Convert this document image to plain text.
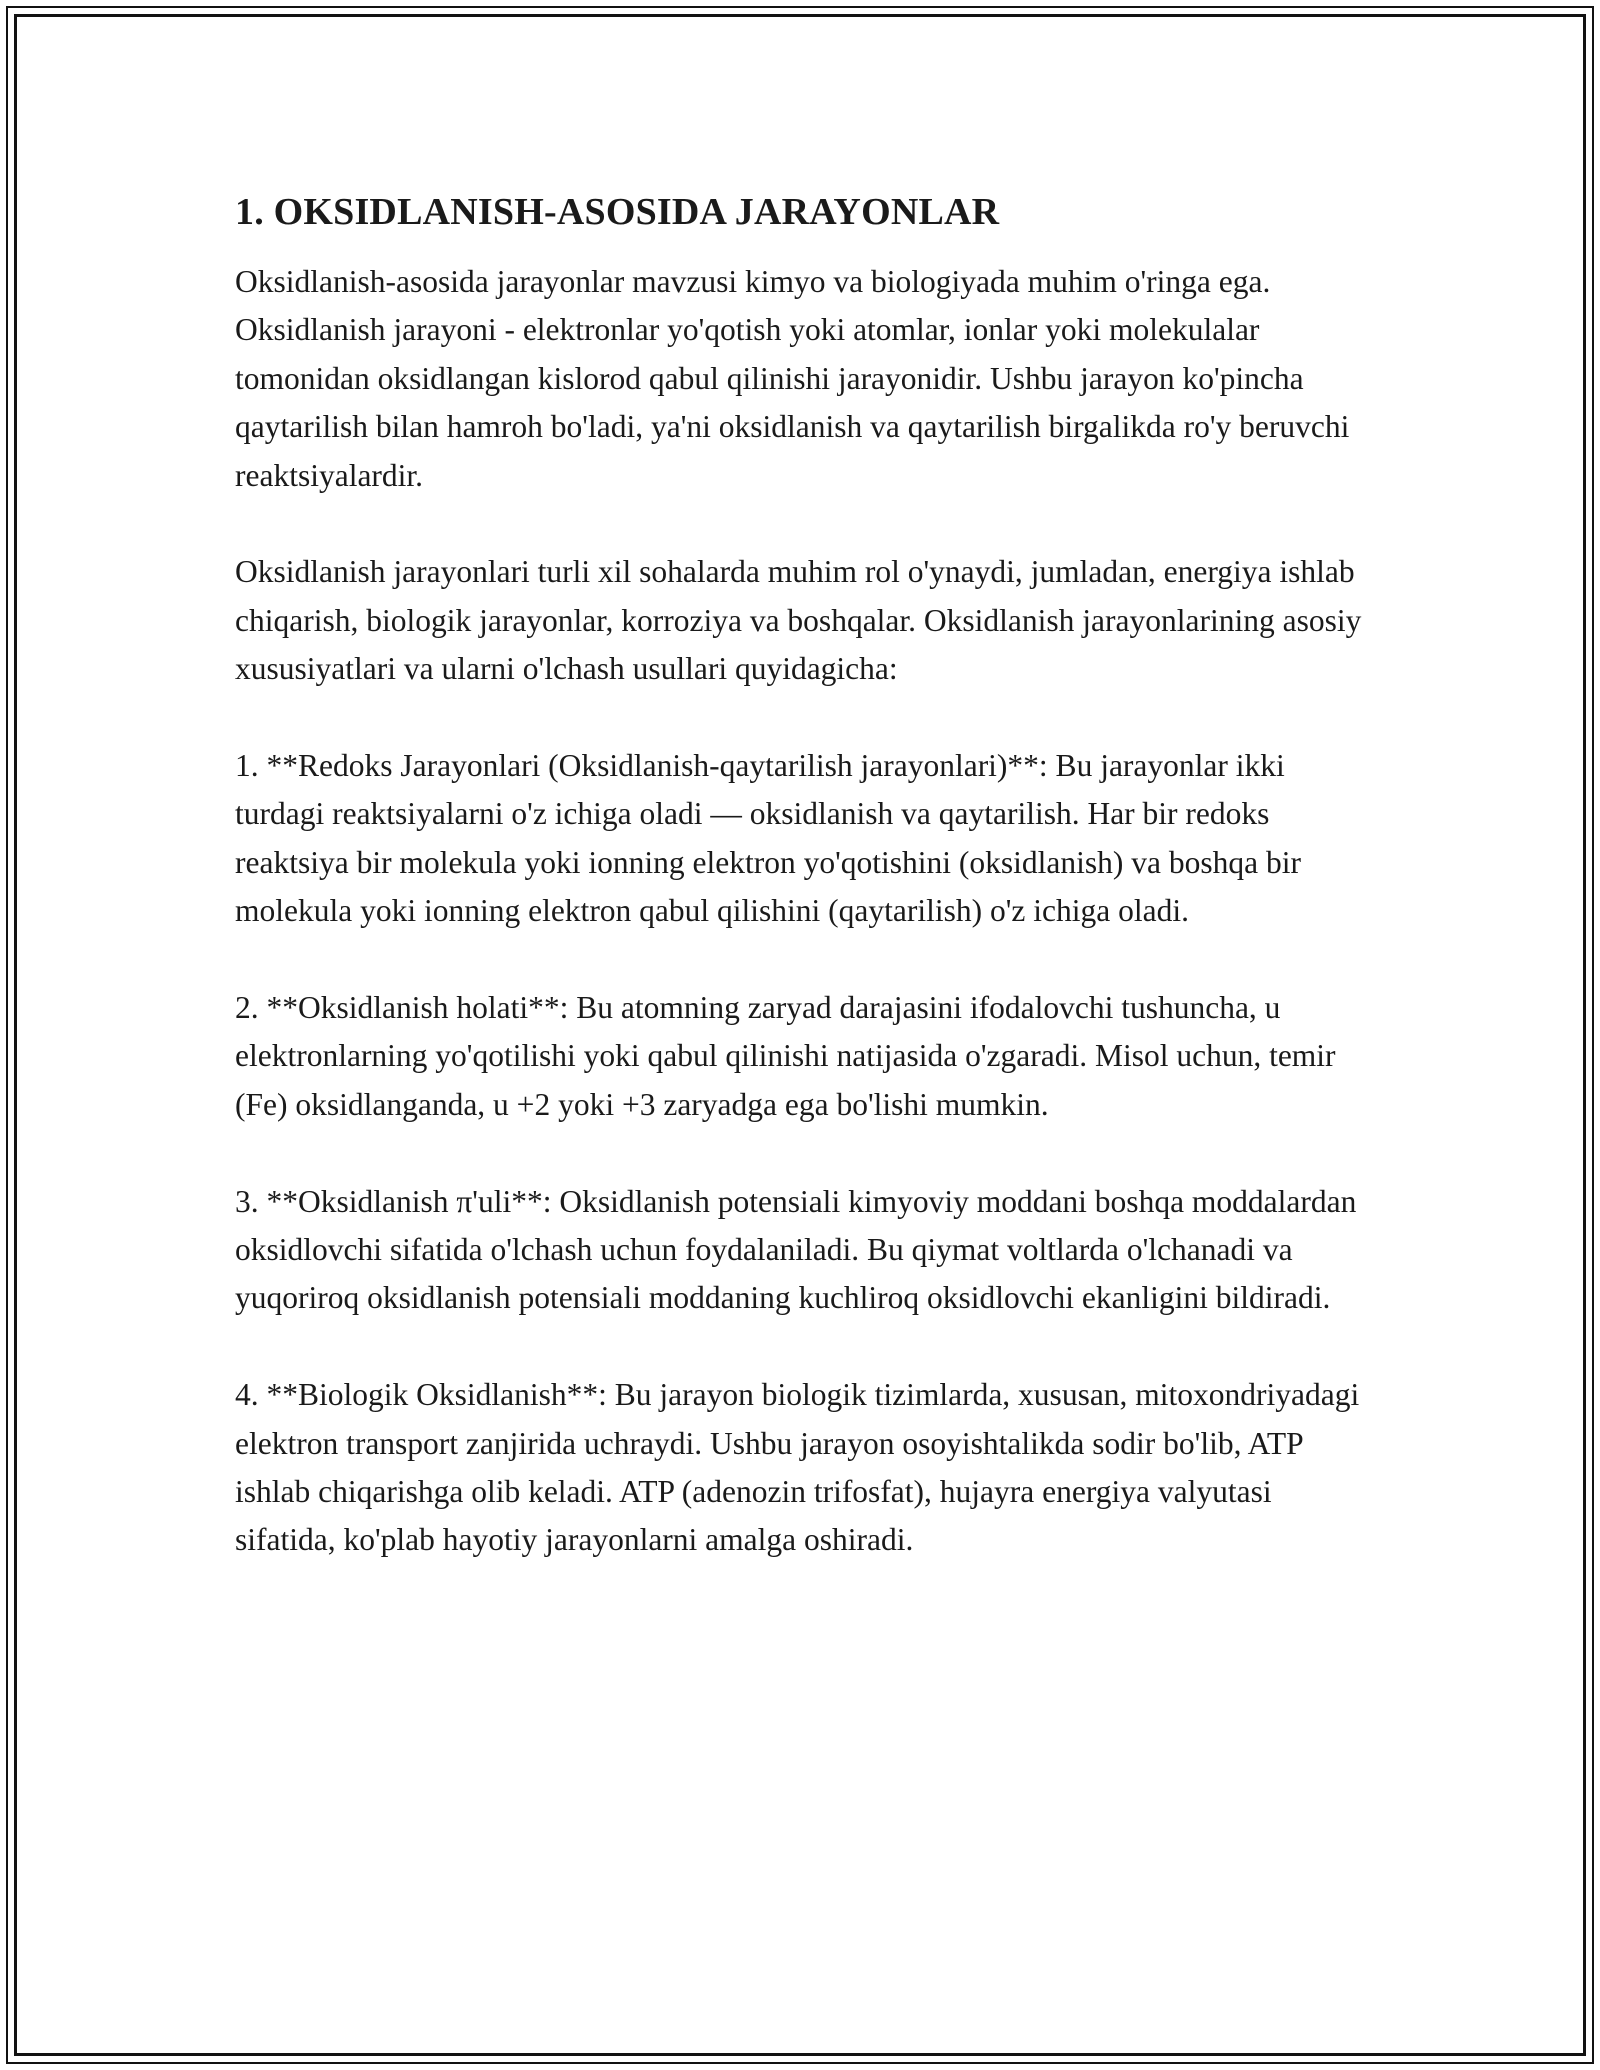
1. OKSIDLANISH-ASOSIDA JARAYONLAR

Oksidlanish-asosida jarayonlar mavzusi kimyo va biologiyada muhim o'ringa ega. Oksidlanish jarayoni - elektronlar yo'qotish yoki atomlar, ionlar yoki molekulalar tomonidan oksidlangan kislorod qabul qilinishi jarayonidir. Ushbu jarayon ko'pincha qaytarilish bilan hamroh bo'ladi, ya'ni oksidlanish va qaytarilish birgalikda ro'y beruvchi reaktsiyalardir.

Oksidlanish jarayonlari turli xil sohalarda muhim rol o'ynaydi, jumladan, energiya ishlab chiqarish, biologik jarayonlar, korroziya va boshqalar. Oksidlanish jarayonlarining asosiy xususiyatlari va ularni o'lchash usullari quyidagicha:

1. **Redoks Jarayonlari (Oksidlanish-qaytarilish jarayonlari)**: Bu jarayonlar ikki turdagi reaktsiyalarni o'z ichiga oladi — oksidlanish va qaytarilish. Har bir redoks reaktsiya bir molekula yoki ionning elektron yo'qotishini (oksidlanish) va boshqa bir molekula yoki ionning elektron qabul qilishini (qaytarilish) o'z ichiga oladi.

2. **Oksidlanish holati**: Bu atomning zaryad darajasini ifodalovchi tushuncha, u elektronlarning yo'qotilishi yoki qabul qilinishi natijasida o'zgaradi. Misol uchun, temir (Fe) oksidlanganda, u +2 yoki +3 zaryadga ega bo'lishi mumkin.

3. **Oksidlanish π'uli**: Oksidlanish potensiali kimyoviy moddani boshqa moddalardan oksidlovchi sifatida o'lchash uchun foydalaniladi. Bu qiymat voltlarda o'lchanadi va yuqoriroq oksidlanish potensiali moddaning kuchliroq oksidlovchi ekanligini bildiradi.

4. **Biologik Oksidlanish**: Bu jarayon biologik tizimlarda, xususan, mitoxondriyadagi elektron transport zanjirida uchraydi. Ushbu jarayon osoyishtalikda sodir bo'lib, ATP ishlab chiqarishga olib keladi. ATP (adenozin trifosfat), hujayra energiya valyutasi sifatida, ko'plab hayotiy jarayonlarni amalga oshiradi.
